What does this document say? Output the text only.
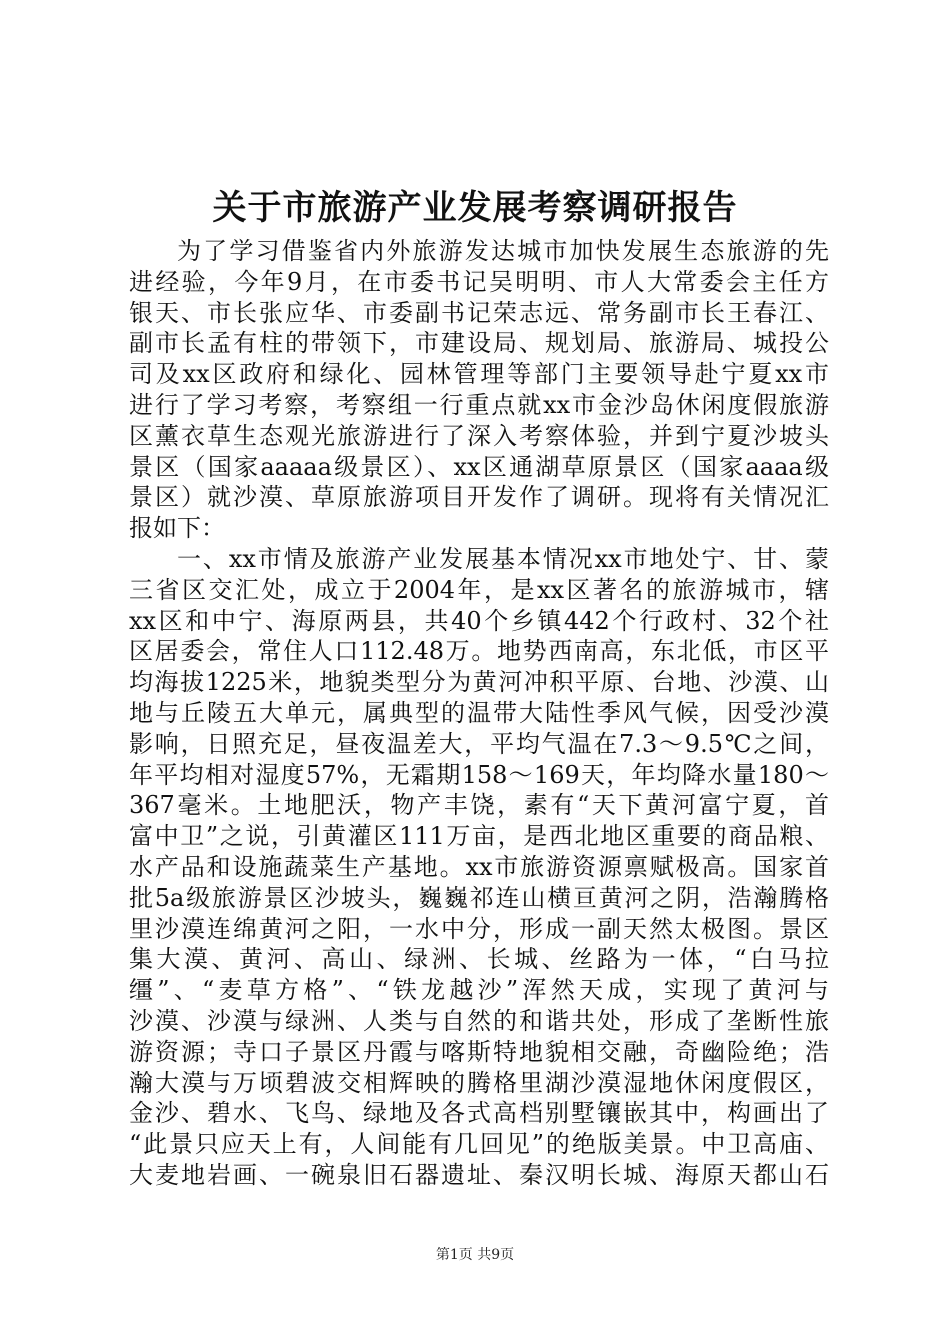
关于市旅游产业发展考察调研报告
为了学习借鉴省内外旅游发达城市加快发展生态旅游的先
进经验，今年9月，在市委书记吴明明、市人大常委会主任方
银天、市长张应华、市委副书记荣志远、常务副市长王春江、
副市长孟有柱的带领下，市建设局、规划局、旅游局、城投公
司及xx区政府和绿化、园林管理等部门主要领导赴宁夏xx市
进行了学习考察，考察组一行重点就xx市金沙岛休闲度假旅游
区薰衣草生态观光旅游进行了深入考察体验，并到宁夏沙坡头
景区（国家aaaaa级景区）、xx区通湖草原景区（国家aaaa级
景区）就沙漠、草原旅游项目开发作了调研。现将有关情况汇
报如下：
一、xx市情及旅游产业发展基本情况xx市地处宁、甘、蒙
三省区交汇处，成立于2004年，是xx区著名的旅游城市，辖
xx区和中宁、海原两县，共40个乡镇442个行政村、32个社
区居委会，常住人口112.48万。地势西南高，东北低，市区平
均海拔1225米，地貌类型分为黄河冲积平原、台地、沙漠、山
地与丘陵五大单元，属典型的温带大陆性季风气候，因受沙漠
影响，日照充足，昼夜温差大，平均气温在7.3～9.5℃之间，
年平均相对湿度57%，无霜期158～169天，年均降水量180～
367毫米。土地肥沃，物产丰饶，素有“天下黄河富宁夏，首
富中卫”之说，引黄灌区111万亩，是西北地区重要的商品粮、
水产品和设施蔬菜生产基地。xx市旅游资源禀赋极高。国家首
批5a级旅游景区沙坡头，巍巍祁连山横亘黄河之阴，浩瀚腾格
里沙漠连绵黄河之阳，一水中分，形成一副天然太极图。景区
集大漠、黄河、高山、绿洲、长城、丝路为一体，“白马拉
缰”、“麦草方格”、“铁龙越沙”浑然天成，实现了黄河与
沙漠、沙漠与绿洲、人类与自然的和谐共处，形成了垄断性旅
游资源；寺口子景区丹霞与喀斯特地貌相交融，奇幽险绝；浩
瀚大漠与万顷碧波交相辉映的腾格里湖沙漠湿地休闲度假区，
金沙、碧水、飞鸟、绿地及各式高档别墅镶嵌其中，构画出了
“此景只应天上有，人间能有几回见”的绝版美景。中卫高庙、
大麦地岩画、一碗泉旧石器遗址、秦汉明长城、海原天都山石
第1页 共9页
